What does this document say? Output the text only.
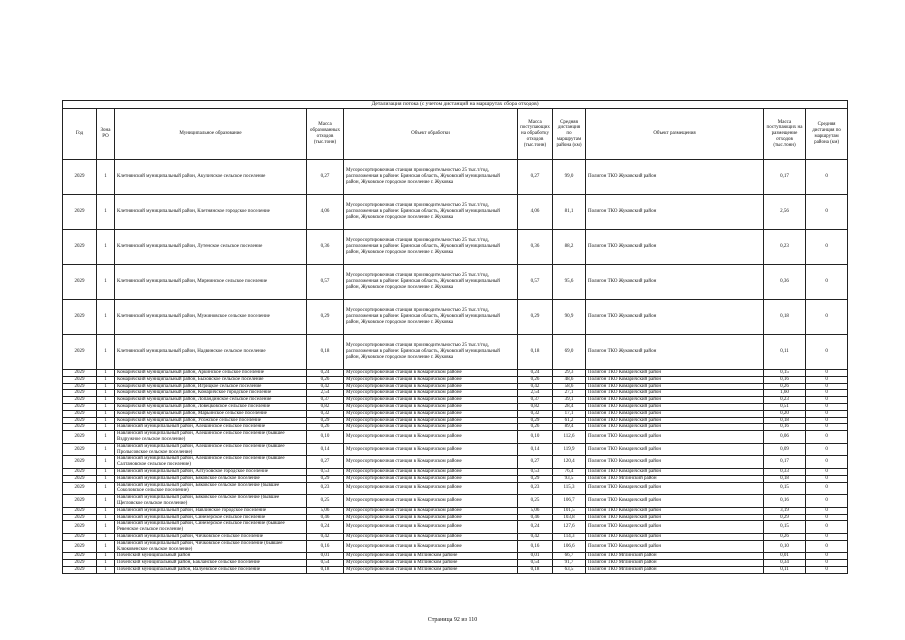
Детализация потока (с учетом дистанций на маршрутах сбора отходов)									
Год	Зона РО	Муниципальное образование	Масса образованных отходов (тыс.тонн)	Объект обработки	Масса поступающих на обработку отходов (тыс.тонн)	Средняя дистанция по маршрутам района (км)	Объект размещения	Масса поступающих на размещение отходов (тыс.тонн)	Средняя дистанция по маршрутам района (км)
2029	1	Клетнянский муниципальный район, Акуличское сельское поселение	0,27	Мусоросортировочная станция производительностью 25 тыс.т/год, расположенная в районе: Брянская область, Жуковский муниципальный район, Жуковское городское поселение г. Жуковка	0,27	99,0	Полигон ТКО Жуковский район	0,17	0
2029	1	Клетнянский муниципальный район, Клетнянское городское поселение	4,06	Мусоросортировочная станция производительностью 25 тыс.т/год, расположенная в районе: Брянская область, Жуковский муниципальный район, Жуковское городское поселение г. Жуковка	4,06	81,1	Полигон ТКО Жуковский район	2,56	0
2029	1	Клетнянский муниципальный район, Лутенское сельское поселение	0,36	Мусоросортировочная станция производительностью 25 тыс.т/год, расположенная в районе: Брянская область, Жуковский муниципальный район, Жуковское городское поселение г. Жуковка	0,36	88,2	Полигон ТКО Жуковский район	0,23	0
2029	1	Клетнянский муниципальный район, Мирнинское сельское поселение	0,57	Мусоросортировочная станция производительностью 25 тыс.т/год, расположенная в районе: Брянская область, Жуковский муниципальный район, Жуковское городское поселение г. Жуковка	0,57	95,6	Полигон ТКО Жуковский район	0,36	0
2029	1	Клетнянский муниципальный район, Мужиновское сельское поселение	0,29	Мусоросортировочная станция производительностью 25 тыс.т/год, расположенная в районе: Брянская область, Жуковский муниципальный район, Жуковское городское поселение г. Жуковка	0,29	90,9	Полигон ТКО Жуковский район	0,18	0
2029	1	Клетнянский муниципальный район, Надвинское сельское поселение	0,18	Мусоросортировочная станция производительностью 25 тыс.т/год, расположенная в районе: Брянская область, Жуковский муниципальный район, Жуковское городское поселение г. Жуковка	0,18	69,0	Полигон ТКО Жуковский район	0,11	0
2029	1	Комаричский муниципальный район, Аркинское сельское поселение	0,24	Мусоросортировочная станция в Комаричском районе	0,24	29,3	Полигон ТКО Комаричский район	0,15	0
2029	1	Комаричский муниципальный район, Быховское сельское поселение	0,26	Мусоросортировочная станция в Комаричском районе	0,26	48,6	Полигон ТКО Комаричский район	0,16	0
2029	1	Комаричский муниципальный район, Игрицкое сельское поселение	0,42	Мусоросортировочная станция в Комаричском районе	0,42	58,6	Полигон ТКО Комаричский район	0,26	0
2029	1	Комаричский муниципальный район, Комаричское городское поселение	2,54	Мусоросортировочная станция в Комаричском районе	2,54	27,1	Полигон ТКО Комаричский район	1,60	0
2029	1	Комаричский муниципальный район, Лопандинское сельское поселение	0,37	Мусоросортировочная станция в Комаричском районе	0,37	39,1	Полигон ТКО Комаричский район	0,23	0
2029	1	Комаричский муниципальный район, Ловецковское сельское поселение	0,82	Мусоросортировочная станция в Комаричском районе	0,82	28,4	Полигон ТКО Комаричский район	0,51	0
2029	1	Комаричский муниципальный район, Марьинское сельское поселение	0,32	Мусоросортировочная станция в Комаричском районе	0,32	17,1	Полигон ТКО Комаричский район	0,20	0
2029	1	Комаричский муниципальный район, Усожское сельское поселение	0,29	Мусоросортировочная станция в Комаричском районе	0,29	61,2	Полигон ТКО Комаричский район	0,18	0
2029	1	Навлинский муниципальный район, Алешинское сельское поселение	0,26	Мусоросортировочная станция в Комаричском районе	0,26	89,4	Полигон ТКО Комаричский район	0,16	0
2029	1	Навлинский муниципальный район, Алешинское сельское поселение (бывшее Вздружное сельское поселение)	0,10	Мусоросортировочная станция в Комаричском районе	0,10	112,6	Полигон ТКО Комаричский район	0,06	0
2029	1	Навлинский муниципальный район, Алешинское сельское поселение (бывшее Пролысовское сельское поселение)	0,14	Мусоросортировочная станция в Комаричском районе	0,14	119,9	Полигон ТКО Комаричский район	0,09	0
2029	1	Навлинский муниципальный район, Алешинское сельское поселение (бывшее Салтановское сельское поселение)	0,27	Мусоросортировочная станция в Комаричском районе	0,27	120,4	Полигон ТКО Комаричский район	0,17	0
2029	1	Навлинский муниципальный район, Алтуховское городское поселение	0,53	Мусоросортировочная станция в Комаричском районе	0,53	76,4	Полигон ТКО Комаричский район	0,33	0
2029	1	Навлинский муниципальный район, Бяковское сельское поселение	0,29	Мусоросортировочная станция в Комаричском районе	0,29	93,5	Полигон ТКО Мглинский район	0,18	0
2029	1	Навлинский муниципальный район, Бяковское сельское поселение (бывшее Соколовское сельское поселение)	0,23	Мусоросортировочная станция в Комаричском районе	0,23	115,3	Полигон ТКО Комаричский район	0,15	0
2029	1	Навлинский муниципальный район, Бяковское сельское поселение (бывшее Щегловское сельское поселение)	0,25	Мусоросортировочная станция в Комаричском районе	0,25	106,7	Полигон ТКО Комаричский район	0,16	0
2029	1	Навлинский муниципальный район, Навлинское городское поселение	5,06	Мусоросортировочная станция в Комаричском районе	5,06	101,5	Полигон ТКО Комаричский район	3,19	0
2029	1	Навлинский муниципальный район, Синезерское сельское поселение	0,46	Мусоросортировочная станция в Комаричском районе	0,46	103,8	Полигон ТКО Комаричский район	0,29	0
2029	1	Навлинский муниципальный район, Синезерское сельское поселение (бывшее Ревенское сельское поселение)	0,24	Мусоросортировочная станция в Комаричском районе	0,24	127,6	Полигон ТКО Комаричский район	0,15	0
2029	1	Навлинский муниципальный район, Чичковское сельское поселение	0,42	Мусоросортировочная станция в Комаричском районе	0,42	114,3	Полигон ТКО Комаричский район	0,26	0
2029	1	Навлинский муниципальный район, Чичковское сельское поселение (бывшее Клюковенское сельское поселение)	0,16	Мусоросортировочная станция в Комаричском районе	0,16	106,6	Полигон ТКО Комаричский район	0,10	0
2029	1	Почепский муниципальный район	0,01	Мусоросортировочная станция в Мглинском районе	0,01	66,7	Полигон ТКО Мглинский район	0,01	0
2029	1	Почепский муниципальный район, Бакланское сельское поселение	0,54	Мусоросортировочная станция в Мглинском районе	0,54	91,7	Полигон ТКО Мглинский район	0,34	0
2029	1	Почепский муниципальный район, Валуевское сельское поселение	0,18	Мусоросортировочная станция в Мглинском районе	0,18	63,5	Полигон ТКО Мглинский район	0,11	0
Страница 92 из 110
